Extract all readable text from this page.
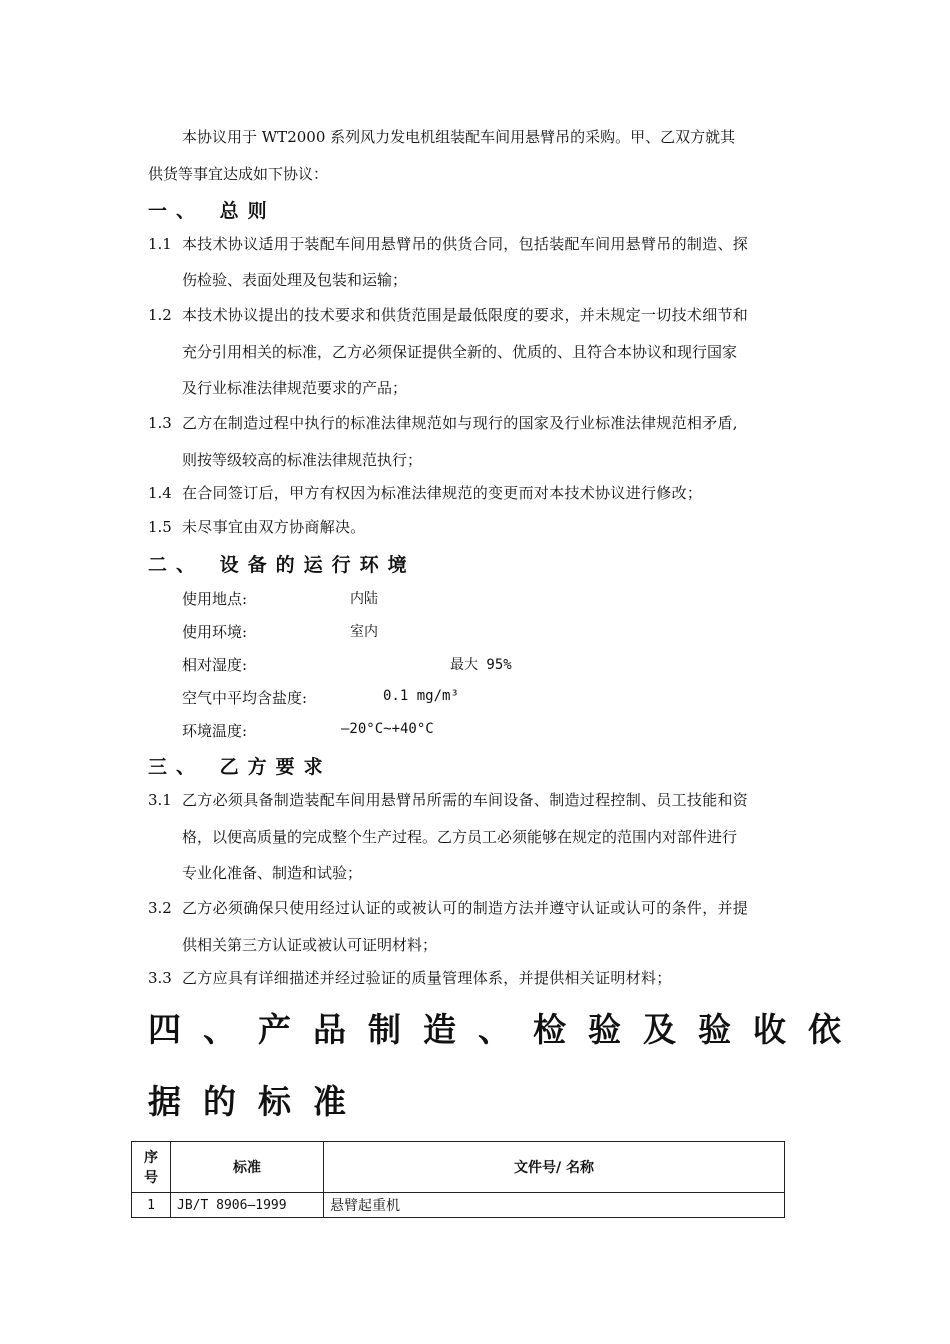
本协议用于 WT2000 系列风力发电机组装配车间用悬臂吊的采购。甲、乙双方就其
供货等事宜达成如下协议：
一、 总则
1.1 本技术协议适用于装配车间用悬臂吊的供货合同，包括装配车间用悬臂吊的制造、探
伤检验、表面处理及包装和运输；
1.2 本技术协议提出的技术要求和供货范围是最低限度的要求，并未规定一切技术细节和
充分引用相关的标准，乙方必须保证提供全新的、优质的、且符合本协议和现行国家
及行业标准法律规范要求的产品；
1.3 乙方在制造过程中执行的标准法律规范如与现行的国家及行业标准法律规范相矛盾,
则按等级较高的标准法律规范执行；
1.4 在合同签订后，甲方有权因为标准法律规范的变更而对本技术协议进行修改；
1.5 未尽事宜由双方协商解决。
二、 设备的运行环境
使用地点:	内陆
使用环境:	室内
相对湿度:	最大 95%
空气中平均含盐度:	0.1 mg/m³
环境温度:	—20°C~+40°C
三、 乙方要求
3.1 乙方必须具备制造装配车间用悬臂吊所需的车间设备、制造过程控制、员工技能和资
格，以便高质量的完成整个生产过程。乙方员工必须能够在规定的范围内对部件进行
专业化准备、制造和试验；
3.2 乙方必须确保只使用经过认证的或被认可的制造方法并遵守认证或认可的条件，并提
供相关第三方认证或被认可证明材料；
3.3 乙方应具有详细描述并经过验证的质量管理体系，并提供相关证明材料；
四、产品制造、检验及验收依
据的标准
序号	标准	文件号/ 名称
1	JB/T 8906—1999	悬臂起重机
